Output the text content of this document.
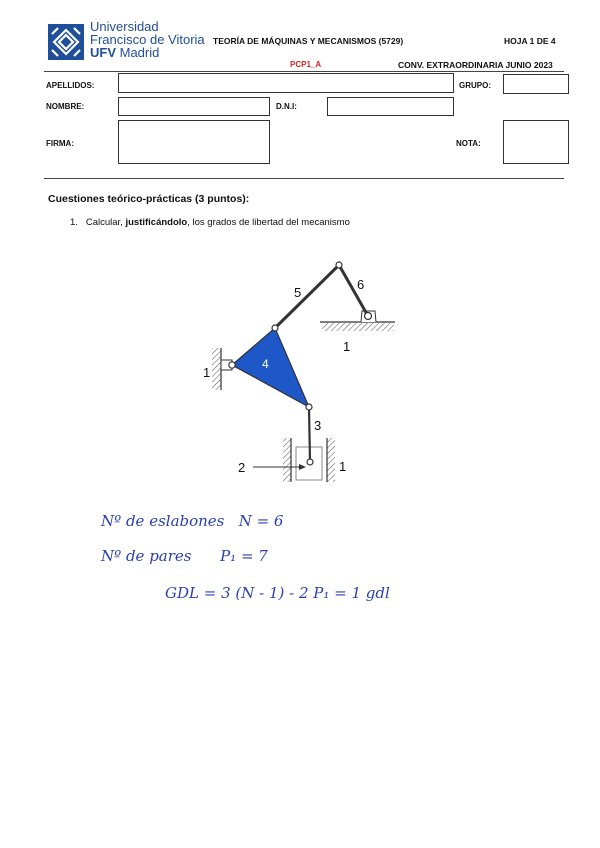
Universidad
Francisco de Vitoria
UFV Madrid
TEORÍA DE MÁQUINAS Y MECANISMOS (5729)	HOJA 1 DE 4
PCP1_A	CONV. EXTRAORDINARIA JUNIO 2023
APELLIDOS:	GRUPO:
NOMBRE:	D.N.I:
FIRMA:	NOTA:
Cuestiones teórico-prácticas (3 puntos):
1. Calcular, justificándolo, los grados de libertad del mecanismo
5
6
1
1
4
3
2	1
Nº de eslabones N = 6
Nº de pares P₁ = 7
GDL = 3 (N - 1) - 2 P₁ = 1 gdl
